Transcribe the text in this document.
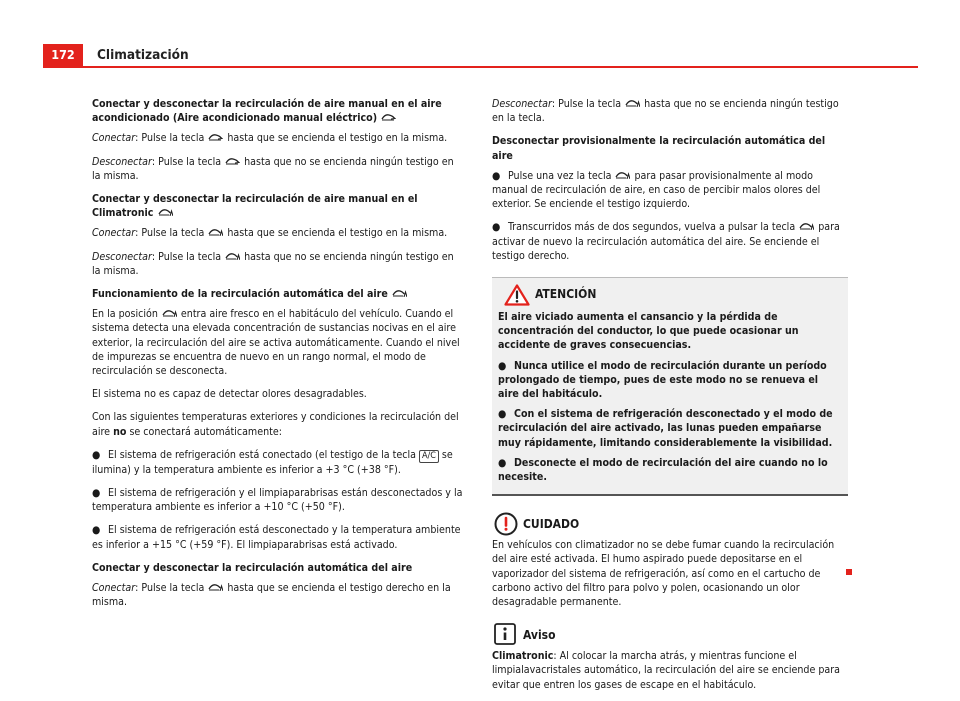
172	Climatización
Conectar y desconectar la recirculación de aire manual en el aire acondicionado (Aire acondicionado manual eléctrico)

Conectar: Pulse la tecla
hasta que se encienda el testigo en la misma.

Desconectar: Pulse la tecla
hasta que no se encienda ningún testigo en la misma.

Conectar y desconectar la recirculación de aire manual en el Climatronic

Conectar: Pulse la tecla
hasta que se encienda el testigo en la misma.

Desconectar: Pulse la tecla
hasta que no se encienda ningún testigo en la misma.

Funcionamiento de la recirculación automática del aire

En la posición
entra aire fresco en el habitáculo del vehículo. Cuando el sistema detecta una elevada concentración de sustancias nocivas en el aire exterior, la recirculación del aire se activa automáticamente. Cuando el nivel de impurezas se encuentra de nuevo en un rango normal, el modo de recirculación se desconecta.

El sistema no es capaz de detectar olores desagradables.

Con las siguientes temperaturas exteriores y condiciones la recirculación del aire no se conectará automáticamente:

● El sistema de refrigeración está conectado (el testigo de la tecla A/C se ilumina) y la temperatura ambiente es inferior a +3 °C (+38 °F).

● El sistema de refrigeración y el limpiaparabrisas están desconectados y la temperatura ambiente es inferior a +10 °C (+50 °F).

● El sistema de refrigeración está desconectado y la temperatura ambiente es inferior a +15 °C (+59 °F). El limpiaparabrisas está activado.

Conectar y desconectar la recirculación automática del aire

Conectar: Pulse la tecla
hasta que se encienda el testigo derecho en la misma.

Desconectar: Pulse la tecla
hasta que no se encienda ningún testigo en la tecla.

Desconectar provisionalmente la recirculación automática del aire

● Pulse una vez la tecla
para pasar provisionalmente al modo manual de recirculación de aire, en caso de percibir malos olores del exterior. Se enciende el testigo izquierdo.

● Transcurridos más de dos segundos, vuelva a pulsar la tecla
para activar de nuevo la recirculación automática del aire. Se enciende el testigo derecho.

ATENCIÓN

El aire viciado aumenta el cansancio y la pérdida de concentración del conductor, lo que puede ocasionar un accidente de graves consecuencias.

● Nunca utilice el modo de recirculación durante un período prolongado de tiempo, pues de este modo no se renueva el aire del habitáculo.

● Con el sistema de refrigeración desconectado y el modo de recirculación del aire activado, las lunas pueden empañarse muy rápidamente, limitando considerablemente la visibilidad.

● Desconecte el modo de recirculación del aire cuando no lo necesite.

CUIDADO

En vehículos con climatizador no se debe fumar cuando la recirculación del aire esté activada. El humo aspirado puede depositarse en el vaporizador del sistema de refrigeración, así como en el cartucho de carbono activo del filtro para polvo y polen, ocasionando un olor desagradable permanente.

Aviso

Climatronic: Al colocar la marcha atrás, y mientras funcione el limpialavacristales automático, la recirculación del aire se enciende para evitar que entren los gases de escape en el habitáculo.
